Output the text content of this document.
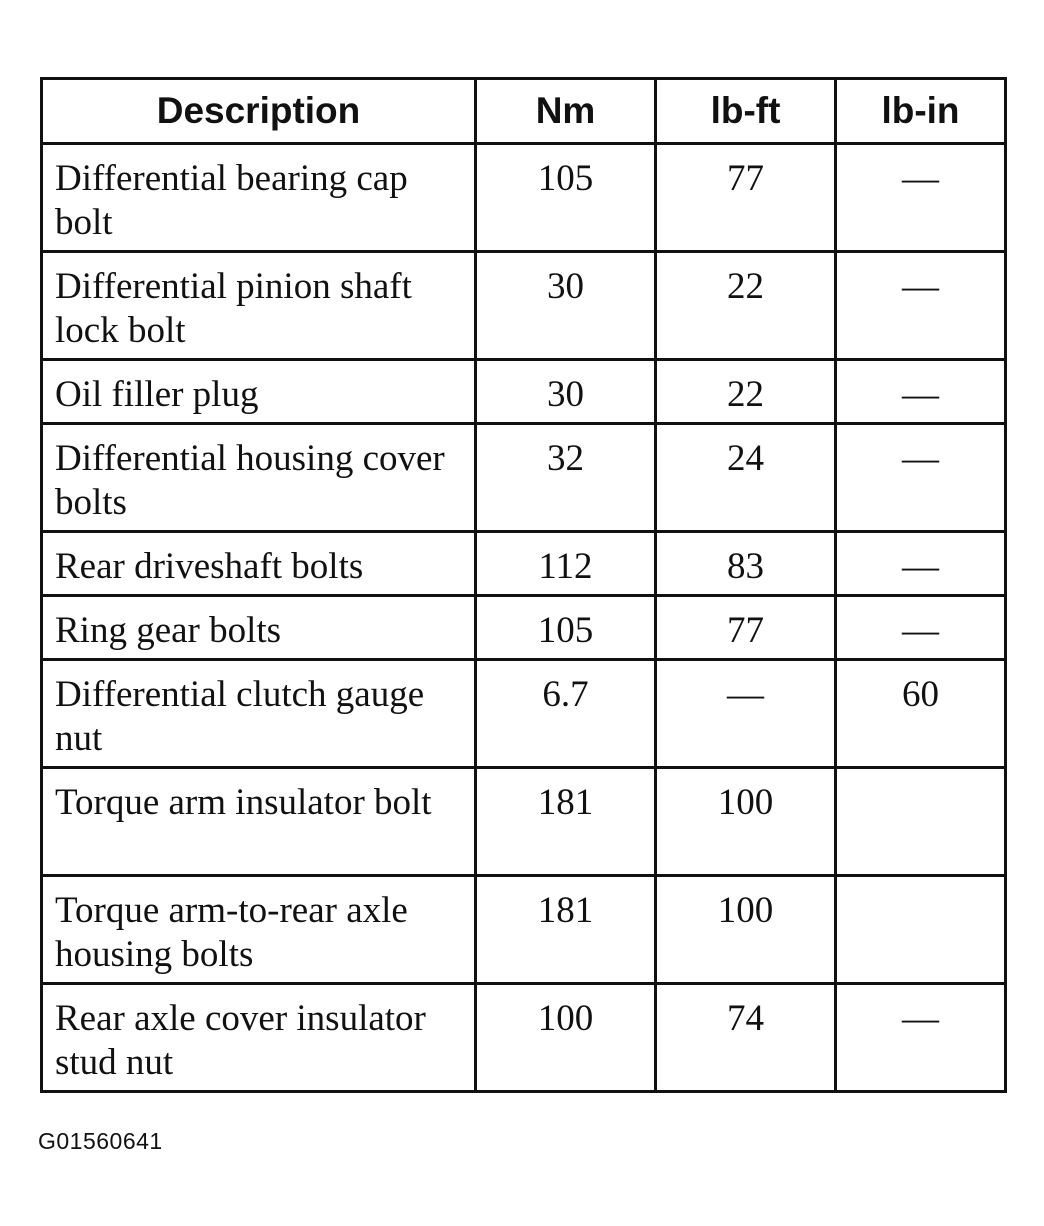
Description	Nm	lb-ft	lb-in
Differential bearing cap bolt	105	77	—
Differential pinion shaft lock bolt	30	22	—
Oil filler plug	30	22	—
Differential housing cover bolts	32	24	—
Rear driveshaft bolts	112	83	—
Ring gear bolts	105	77	—
Differential clutch gauge nut	6.7	—	60
Torque arm insulator bolt	181	100	
Torque arm-to-rear axle housing bolts	181	100	
Rear axle cover insulator stud nut	100	74	—
G01560641
